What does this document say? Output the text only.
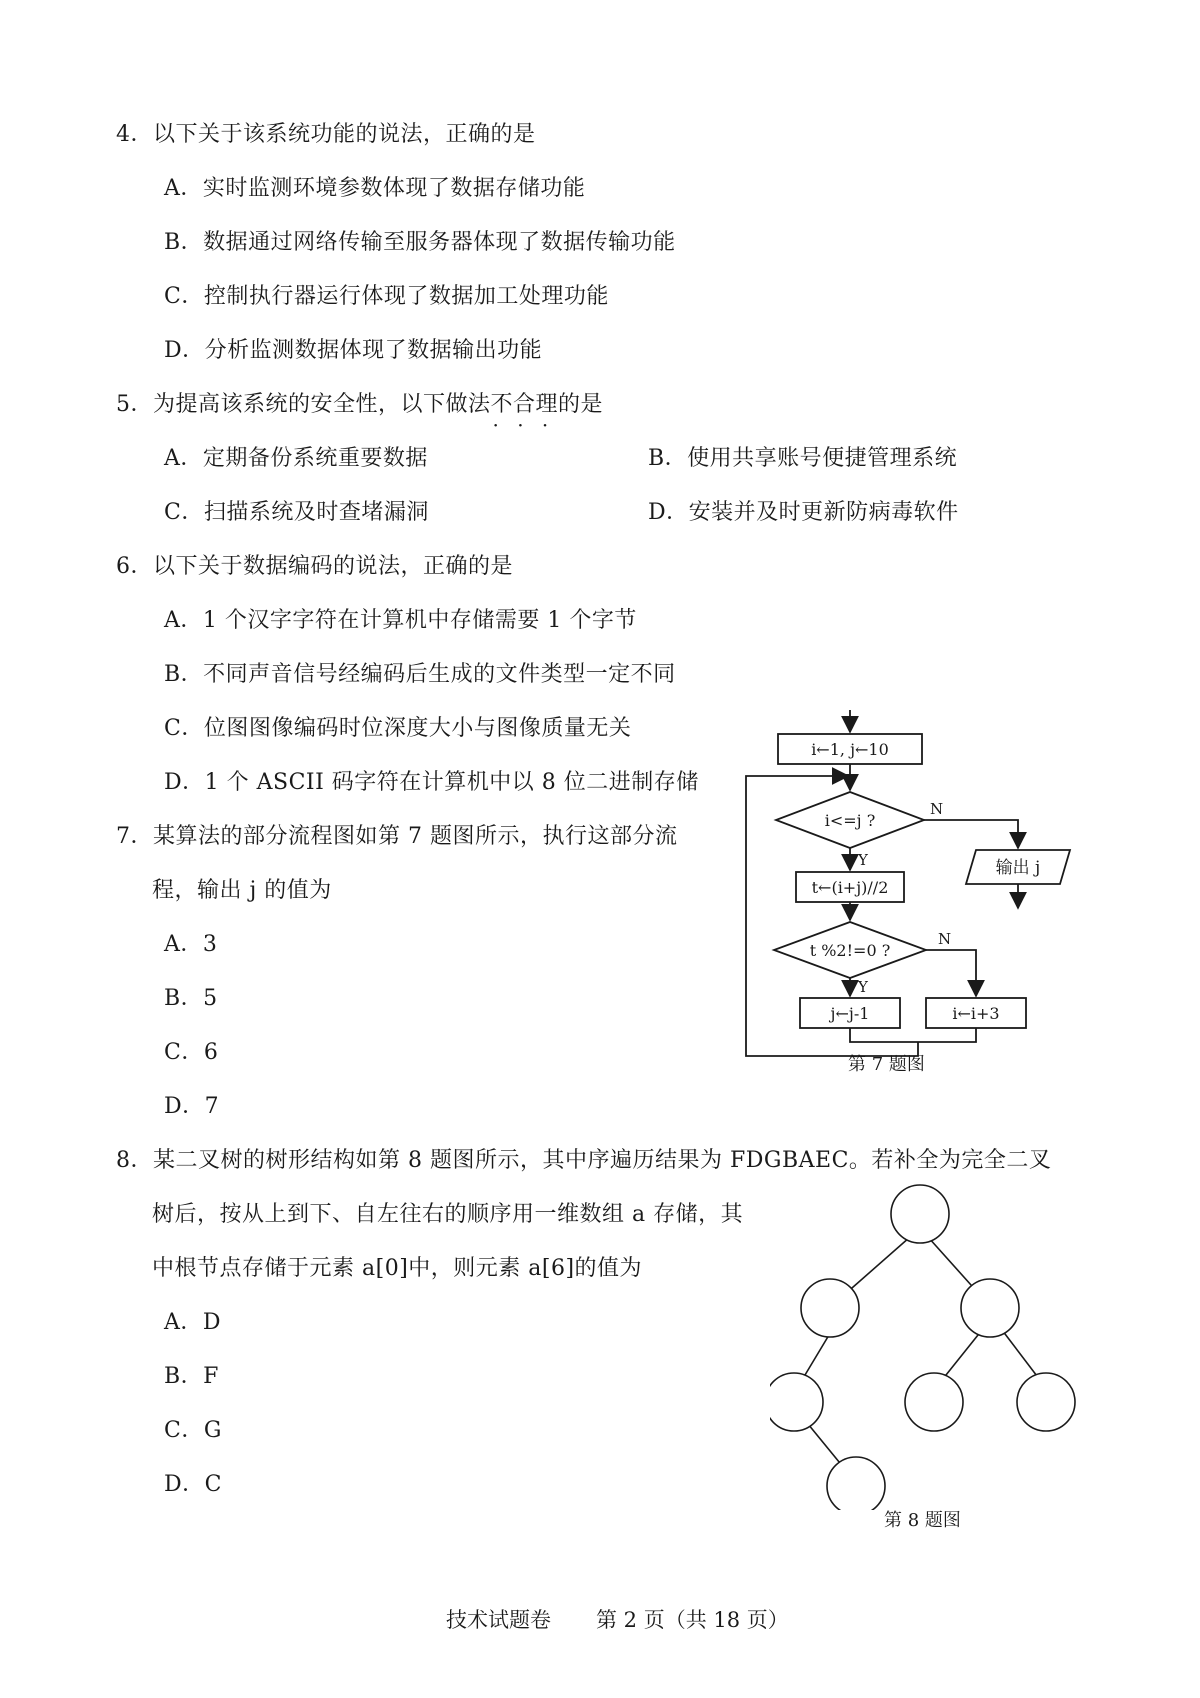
4．以下关于该系统功能的说法，正确的是
A．实时监测环境参数体现了数据存储功能
B．数据通过网络传输至服务器体现了数据传输功能
C．控制执行器运行体现了数据加工处理功能
D．分析监测数据体现了数据输出功能
5．为提高该系统的安全性，以下做法不合理 · · ·的是
A．定期备份系统重要数据	B．使用共享账号便捷管理系统
C．扫描系统及时查堵漏洞	D．安装并及时更新防病毒软件
6．以下关于数据编码的说法，正确的是
A．1 个汉字字符在计算机中存储需要 1 个字节
B．不同声音信号经编码后生成的文件类型一定不同
C．位图图像编码时位深度大小与图像质量无关
D．1 个 ASCII 码字符在计算机中以 8 位二进制存储
7．某算法的部分流程图如第 7 题图所示，执行这部分流
程，输出 j 的值为
A．3
B．5
C．6
D．7
i←1, j←10
i<=j ?
N
Y	输出 j
t←(i+j)//2
t %2!=0 ?
N
Y
j←j-1	i←i+3
第 7 题图
8．某二叉树的树形结构如第 8 题图所示，其中序遍历结果为 FDGBAEC。若补全为完全二叉
树后，按从上到下、自左往右的顺序用一维数组 a 存储，其
中根节点存储于元素 a[0]中，则元素 a[6]的值为
A．D
B．F
C．G
D．C
第 8 题图
技术试题卷 第 2 页（共 18 页）
